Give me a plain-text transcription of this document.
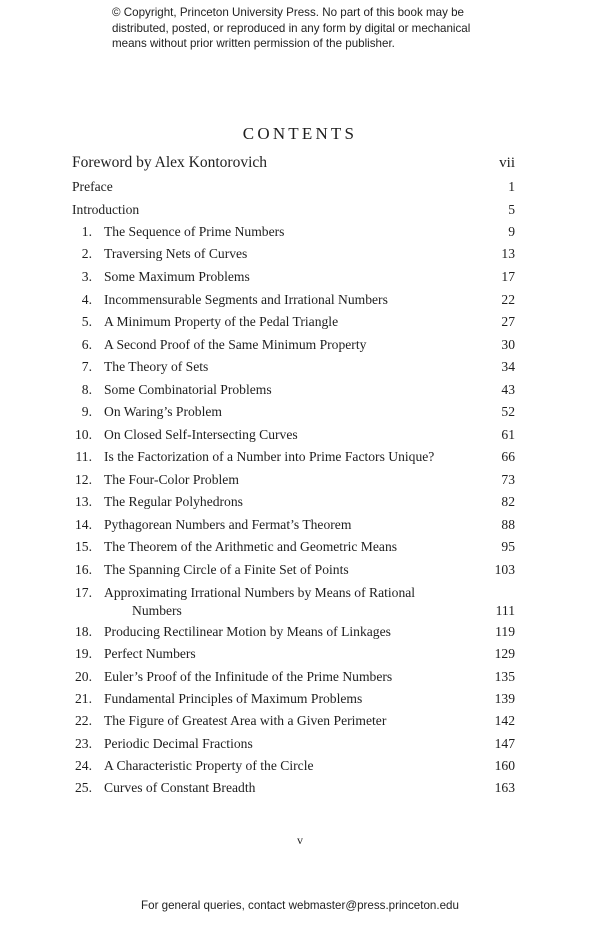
© Copyright, Princeton University Press. No part of this book may be
distributed, posted, or reproduced in any form by digital or mechanical
means without prior written permission of the publisher.
CONTENTS
Foreword by Alex Kontorovich	vii
Preface	1
Introduction	5
1. The Sequence of Prime Numbers	9
2. Traversing Nets of Curves	13
3. Some Maximum Problems	17
4. Incommensurable Segments and Irrational Numbers	22
5. A Minimum Property of the Pedal Triangle	27
6. A Second Proof of the Same Minimum Property	30
7. The Theory of Sets	34
8. Some Combinatorial Problems	43
9. On Waring’s Problem	52
10. On Closed Self-Intersecting Curves	61
11. Is the Factorization of a Number into Prime Factors Unique?	66
12. The Four-Color Problem	73
13. The Regular Polyhedrons	82
14. Pythagorean Numbers and Fermat’s Theorem	88
15. The Theorem of the Arithmetic and Geometric Means	95
16. The Spanning Circle of a Finite Set of Points	103
17. Approximating Irrational Numbers by Means of Rational
Numbers	111
18. Producing Rectilinear Motion by Means of Linkages	119
19. Perfect Numbers	129
20. Euler’s Proof of the Infinitude of the Prime Numbers	135
21. Fundamental Principles of Maximum Problems	139
22. The Figure of Greatest Area with a Given Perimeter	142
23. Periodic Decimal Fractions	147
24. A Characteristic Property of the Circle	160
25. Curves of Constant Breadth	163
v
For general queries, contact webmaster@press.princeton.edu
